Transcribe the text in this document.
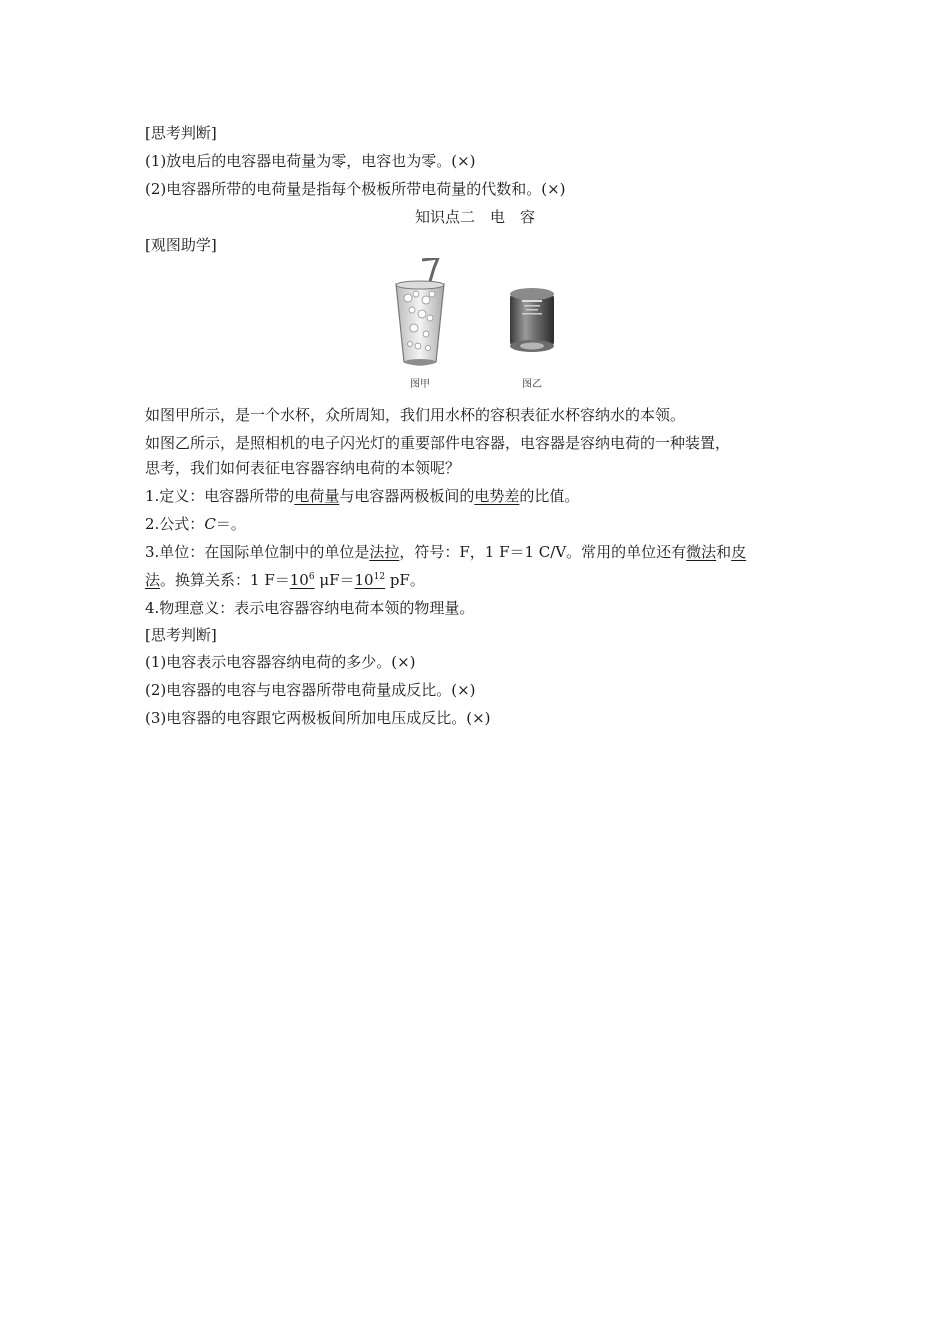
[思考判断]
(1)放电后的电容器电荷量为零，电容也为零。(×)
(2)电容器所带的电荷量是指每个极板所带电荷量的代数和。(×)
知识点二　电　容
[观图助学]
图甲	图乙
如图甲所示，是一个水杯，众所周知，我们用水杯的容积表征水杯容纳水的本领。
如图乙所示，是照相机的电子闪光灯的重要部件电容器，电容器是容纳电荷的一种装置，
思考，我们如何表征电容器容纳电荷的本领呢？
1.定义：电容器所带的电荷量与电容器两极板间的电势差的比值。
2.公式：C＝。
3.单位：在国际单位制中的单位是法拉，符号：F，1 F＝1 C/V。常用的单位还有微法和皮
法。换算关系：1 $F=10^6$ $\mu F=10^{12}$ pF。
4.物理意义：表示电容器容纳电荷本领的物理量。
[思考判断]
(1)电容表示电容器容纳电荷的多少。(×)
(2)电容器的电容与电容器所带电荷量成反比。(×)
(3)电容器的电容跟它两极板间所加电压成反比。(×)
